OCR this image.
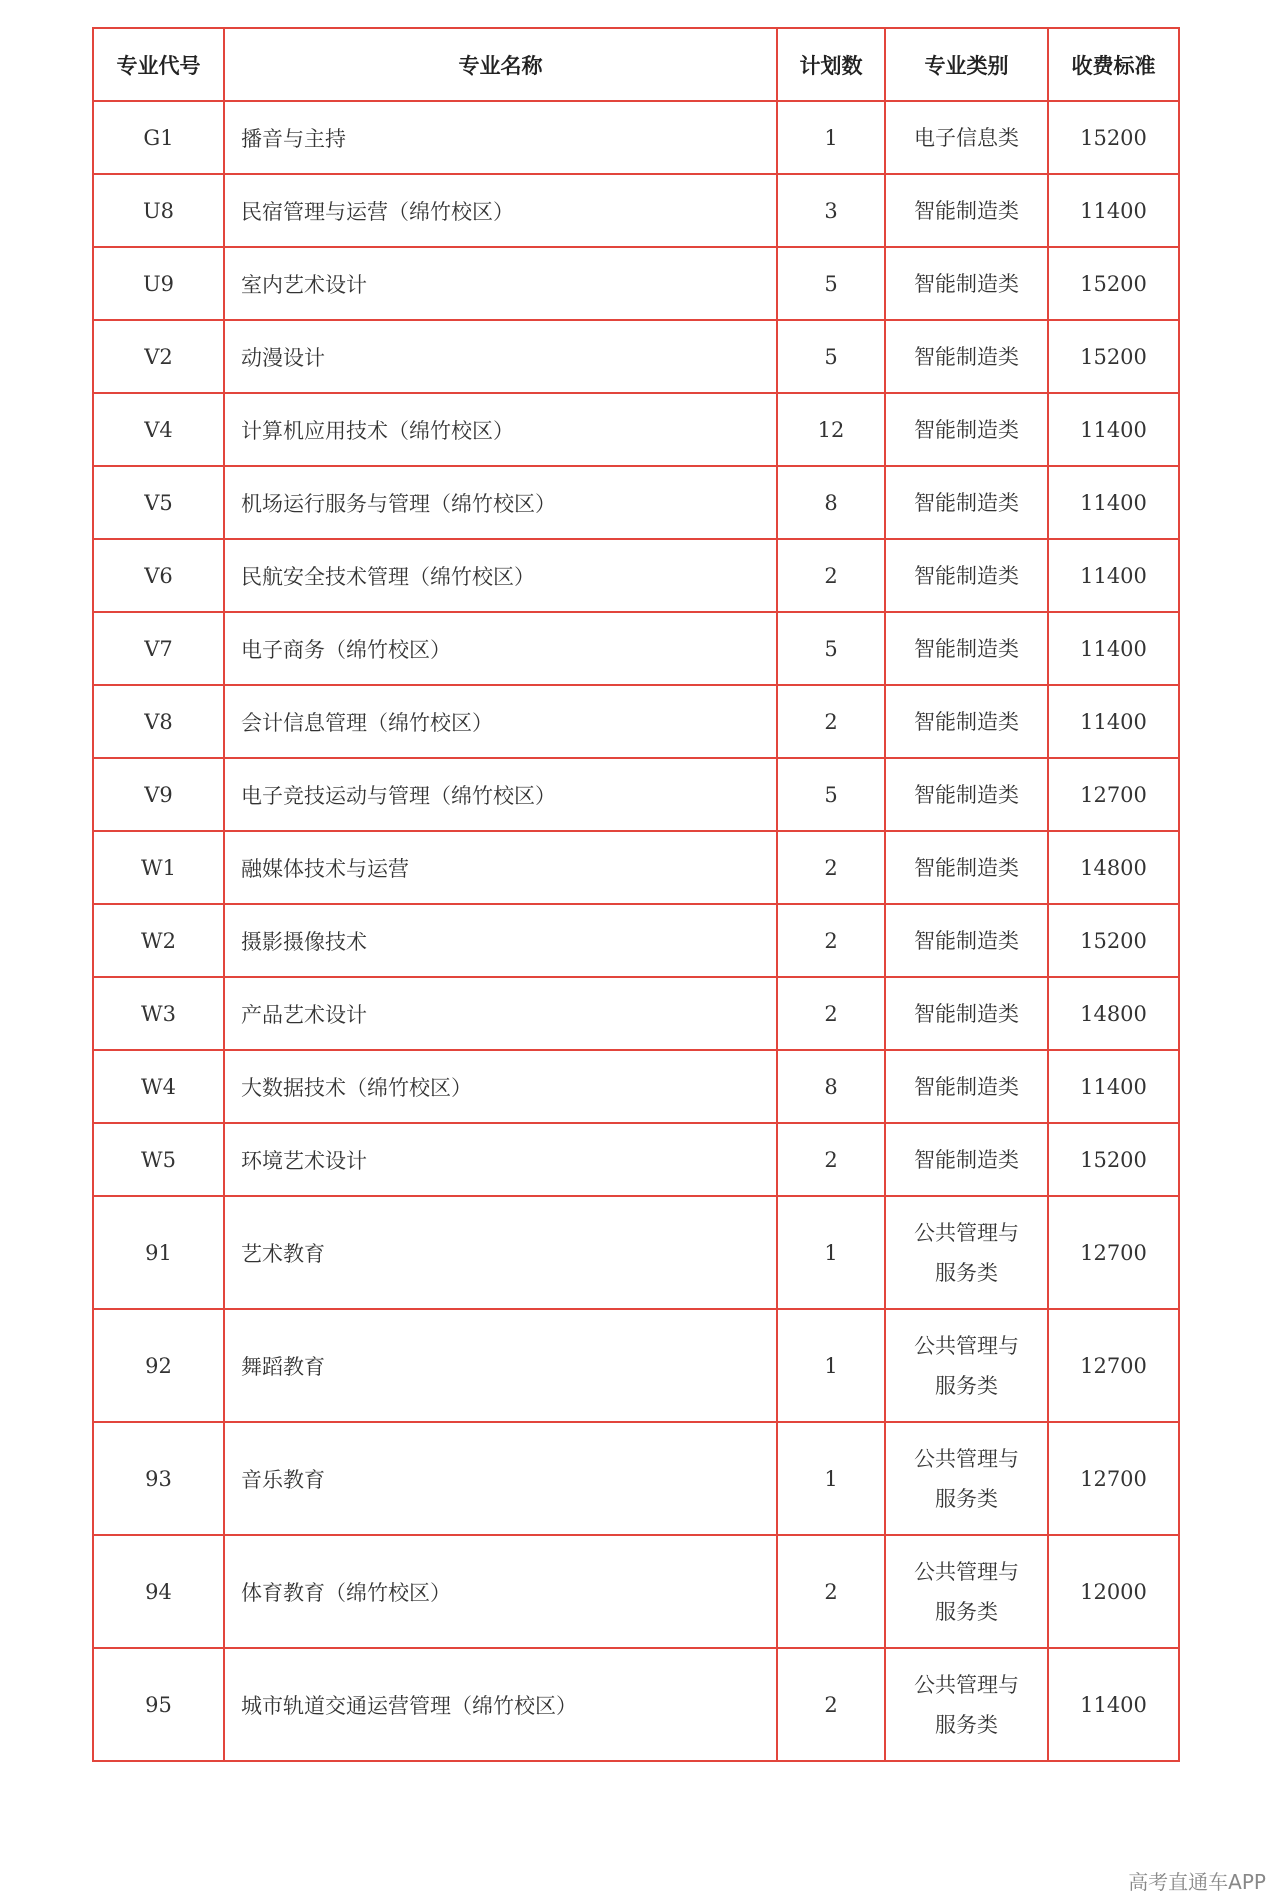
专业代号	专业名称	计划数	专业类别	收费标准
G1	播音与主持	1	电子信息类	15200
U8	民宿管理与运营（绵竹校区）	3	智能制造类	11400
U9	室内艺术设计	5	智能制造类	15200
V2	动漫设计	5	智能制造类	15200
V4	计算机应用技术（绵竹校区）	12	智能制造类	11400
V5	机场运行服务与管理（绵竹校区）	8	智能制造类	11400
V6	民航安全技术管理（绵竹校区）	2	智能制造类	11400
V7	电子商务（绵竹校区）	5	智能制造类	11400
V8	会计信息管理（绵竹校区）	2	智能制造类	11400
V9	电子竞技运动与管理（绵竹校区）	5	智能制造类	12700
W1	融媒体技术与运营	2	智能制造类	14800
W2	摄影摄像技术	2	智能制造类	15200
W3	产品艺术设计	2	智能制造类	14800
W4	大数据技术（绵竹校区）	8	智能制造类	11400
W5	环境艺术设计	2	智能制造类	15200
91	艺术教育	1	公共管理与服务类	12700
92	舞蹈教育	1	公共管理与服务类	12700
93	音乐教育	1	公共管理与服务类	12700
94	体育教育（绵竹校区）	2	公共管理与服务类	12000
95	城市轨道交通运营管理（绵竹校区）	2	公共管理与服务类	11400
高考直通车APP
